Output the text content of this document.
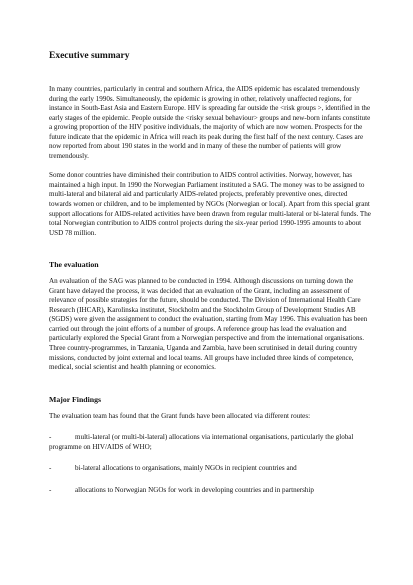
Executive summary

In many countries, particularly in central and southern Africa, the AIDS epidemic has escalated tremendously during the early 1990s. Simultaneously, the epidemic is growing in other, relatively unaffected regions, for instance in South-East Asia and Eastern Europe. HIV is spreading far outside the <risk groups >, identified in the early stages of the epidemic. People outside the <risky sexual behaviour> groups and new-born infants constitute a growing proportion of the HIV positive individuals, the majority of which are now women. Prospects for the future indicate that the epidemic in Africa will reach its peak during the first half of the next century. Cases are now reported from about 190 states in the world and in many of these the number of patients will grow tremendously.

Some donor countries have diminished their contribution to AIDS control activities. Norway, however, has maintained a high input. In 1990 the Norwegian Parliament instituted a SAG. The money was to be assigned to multi-lateral and bilateral aid and particularly AIDS-related projects, preferably preventive ones, directed towards women or children, and to be implemented by NGOs (Norwegian or local). Apart from this special grant support allocations for AIDS-related activities have been drawn from regular multi-lateral or bi-lateral funds. The total Norwegian contribution to AIDS control projects during the six-year period 1990-1995 amounts to about USD 78 million.

The evaluation

An evaluation of the SAG was planned to be conducted in 1994. Although discussions on turning down the Grant have delayed the process, it was decided that an evaluation of the Grant, including an assessment of relevance of possible strategies for the future, should be conducted. The Division of International Health Care Research (IHCAR), Karolinska institutet, Stockholm and the Stockholm Group of Development Studies AB (SGDS) were given the assignment to conduct the evaluation, starting from May 1996. This evaluation has been carried out through the joint efforts of a number of groups. A reference group has lead the evaluation and particularly explored the Special Grant from a Norwegian perspective and from the international organisations. Three country-programmes, in Tanzania, Uganda and Zambia, have been scrutinised in detail during country missions, conducted by joint external and local teams. All groups have included three kinds of competence, medical, social scientist and health planning or economics.

Major Findings

The evaluation team has found that the Grant funds have been allocated via different routes:

-	multi-lateral (or multi-bi-lateral) allocations via international organisations, particularly the global programme on HIV/AIDS of WHO;
-	bi-lateral allocations to organisations, mainly NGOs in recipient countries and
-	allocations to Norwegian NGOs for work in developing countries and in partnership
